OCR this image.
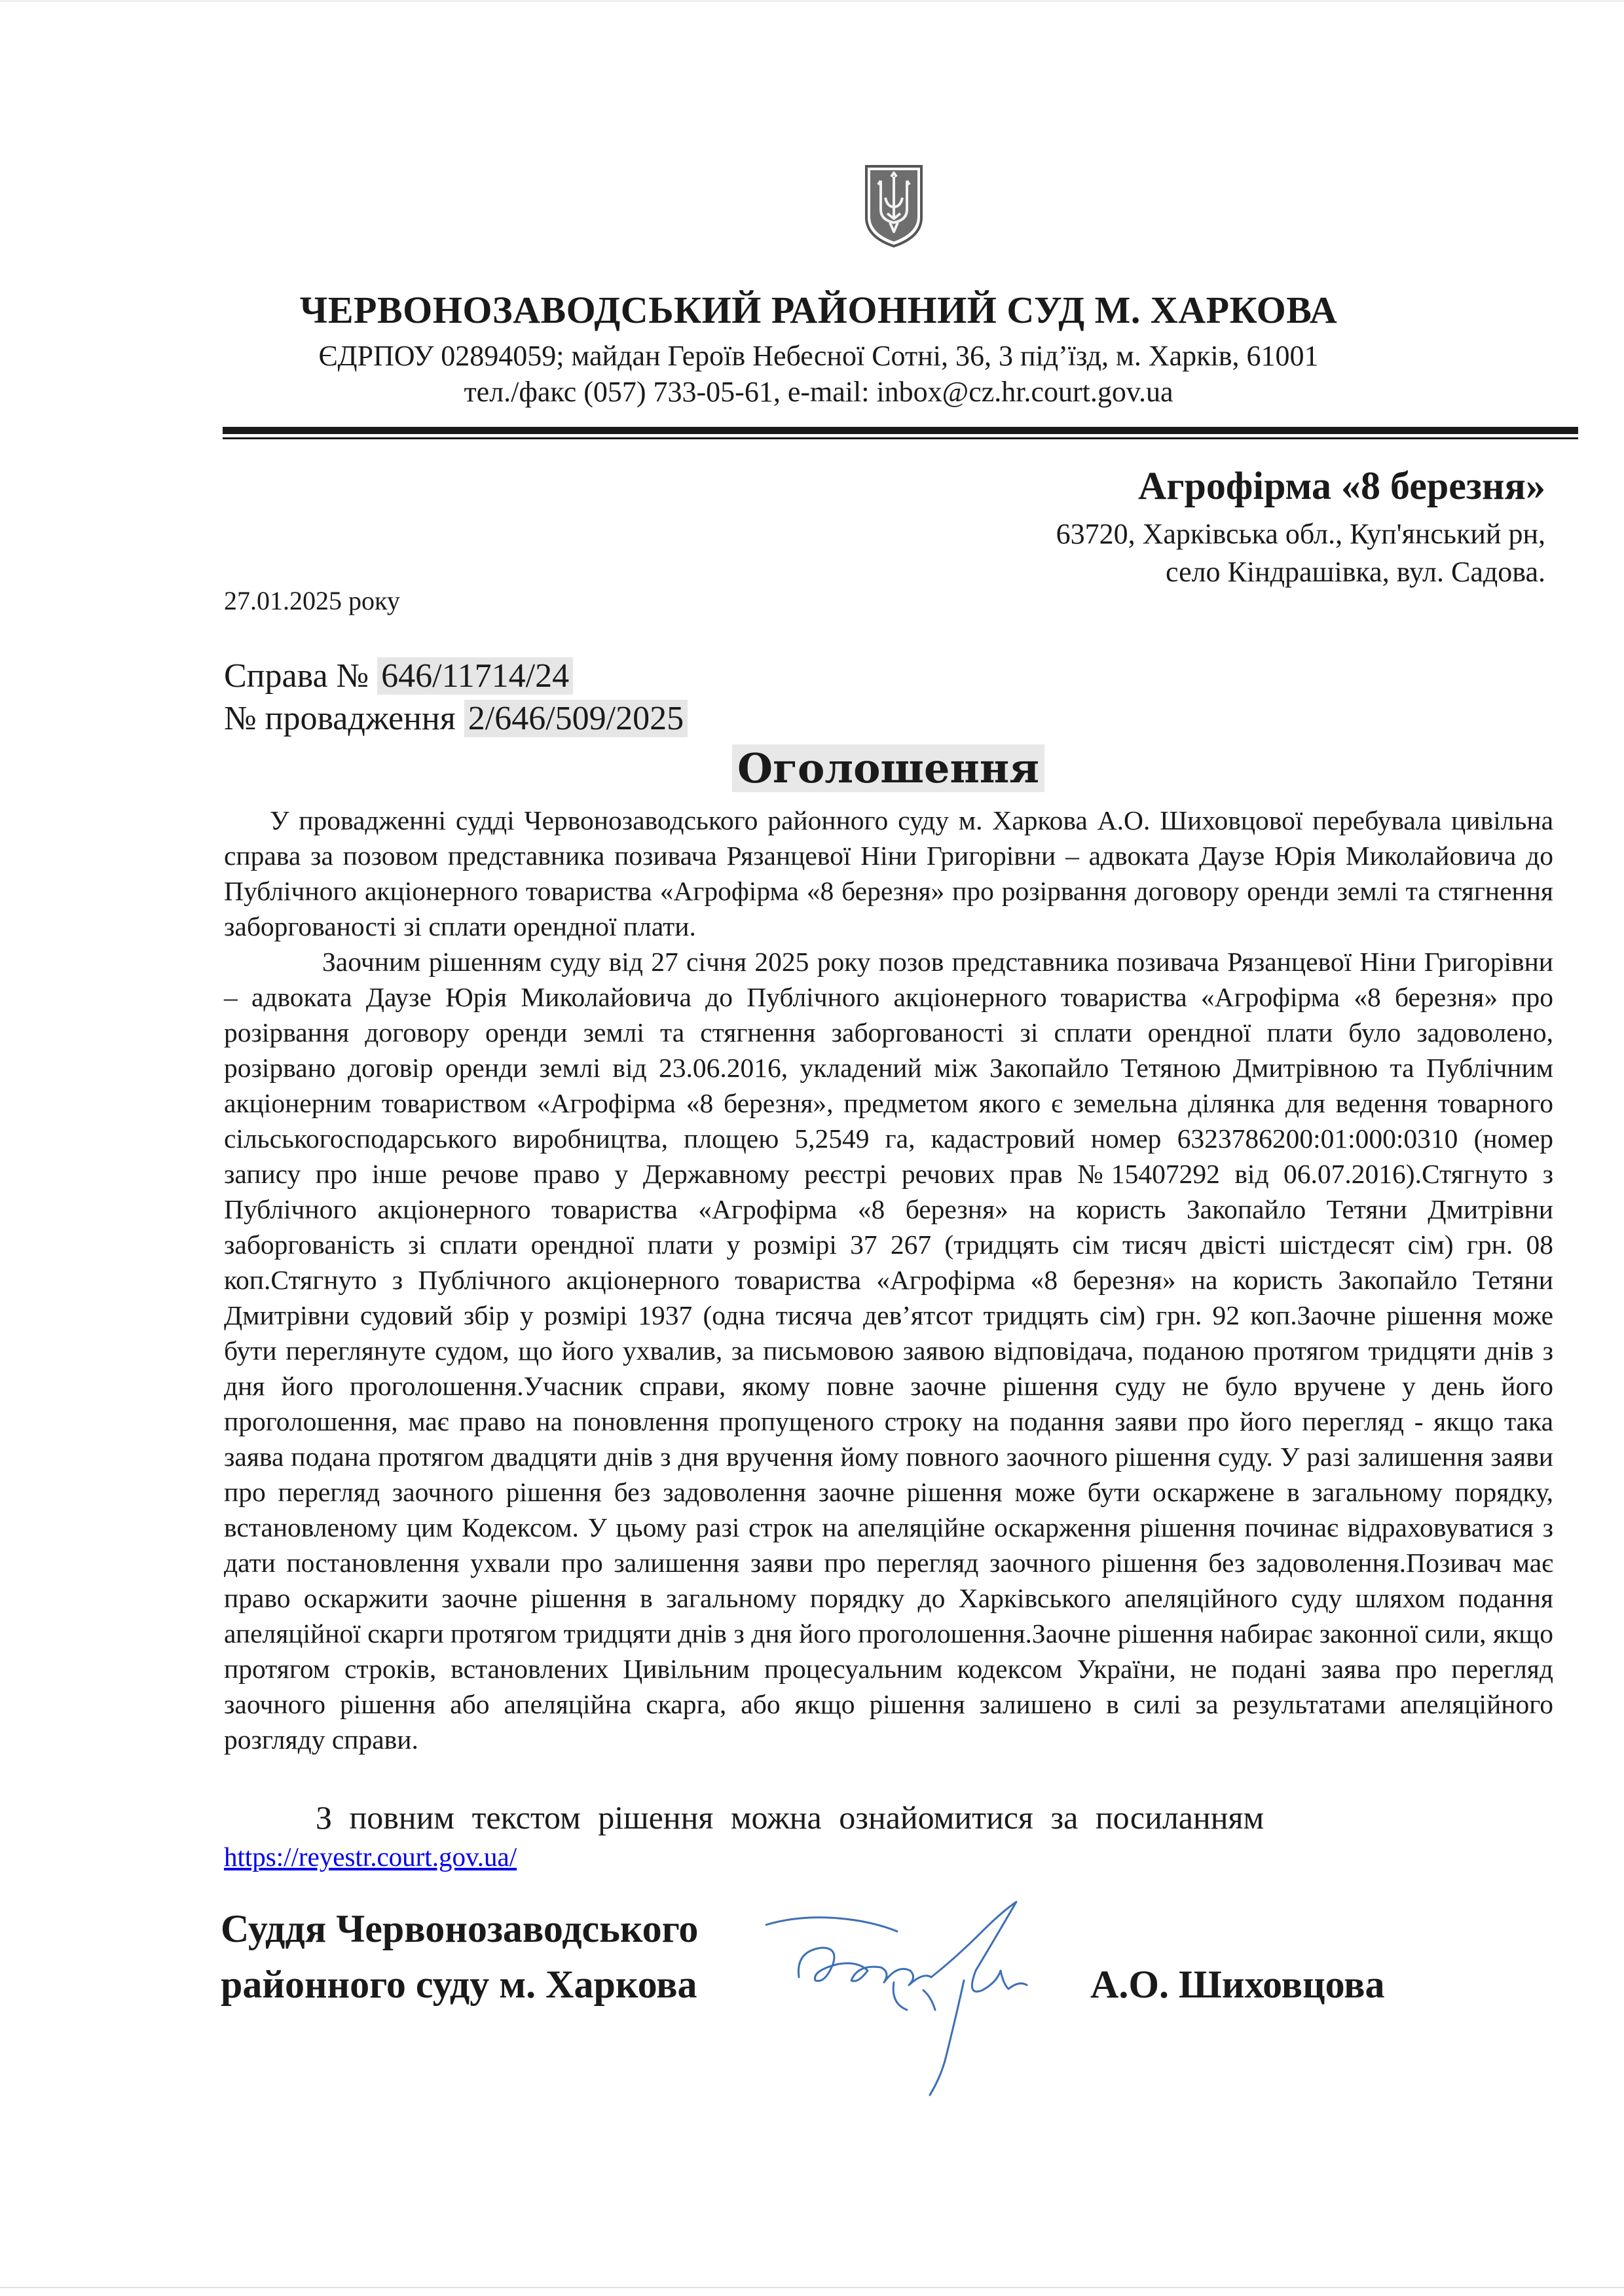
ЧЕРВОНОЗАВОДСЬКИЙ РАЙОННИЙ СУД М. ХАРКОВА
ЄДРПОУ 02894059; майдан Героїв Небесної Сотні, 36, 3 під’їзд, м. Харків, 61001
тел./факс (057) 733-05-61, e-mail: inbox@cz.hr.court.gov.ua
Агрофірма «8 березня»
63720, Харківська обл., Куп'янський рн,
село Кіндрашівка, вул. Садова.
27.01.2025 року
Справа № 646/11714/24
№ провадження 2/646/509/2025
Оголошення

У провадженні судді Червонозаводського районного суду м. Харкова А.О. Шиховцової перебувала цивільна справа за позовом представника позивача Рязанцевої Ніни Григорівни – адвоката Даузе Юрія Миколайовича до Публічного акціонерного товариства «Агрофірма «8 березня» про розірвання договору оренди землі та стягнення заборгованості зі сплати орендної плати.

Заочним рішенням суду від 27 січня 2025 року позов представника позивача Рязанцевої Ніни Григорівни – адвоката Даузе Юрія Миколайовича до Публічного акціонерного товариства «Агрофірма «8 березня» про розірвання договору оренди землі та стягнення заборгованості зі сплати орендної плати було задоволено, розірвано договір оренди землі від 23.06.2016, укладений між Закопайло Тетяною Дмитрівною та Публічним акціонерним товариством «Агрофірма «8 березня», предметом якого є земельна ділянка для ведення товарного сільськогосподарського виробництва, площею 5,2549 га, кадастровий номер 6323786200:01:000:0310 (номер запису про інше речове право у Державному реєстрі речових прав №15407292 від 06.07.2016).Стягнуто з Публічного акціонерного товариства «Агрофірма «8 березня» на користь Закопайло Тетяни Дмитрівни заборгованість зі сплати орендної плати у розмірі 37 267 (тридцять сім тисяч двісті шістдесят сім) грн. 08 коп.Стягнуто з Публічного акціонерного товариства «Агрофірма «8 березня» на користь Закопайло Тетяни Дмитрівни судовий збір у розмірі 1937 (одна тисяча дев’ятсот тридцять сім) грн. 92 коп.Заочне рішення може бути переглянуте судом, що його ухвалив, за письмовою заявою відповідача, поданою протягом тридцяти днів з дня його проголошення.Учасник справи, якому повне заочне рішення суду не було вручене у день його проголошення, має право на поновлення пропущеного строку на подання заяви про його перегляд - якщо така заява подана протягом двадцяти днів з дня вручення йому повного заочного рішення суду. У разі залишення заяви про перегляд заочного рішення без задоволення заочне рішення може бути оскаржене в загальному порядку, встановленому цим Кодексом. У цьому разі строк на апеляційне оскарження рішення починає відраховуватися з дати постановлення ухвали про залишення заяви про перегляд заочного рішення без задоволення.Позивач має право оскаржити заочне рішення в загальному порядку до Харківського апеляційного суду шляхом подання апеляційної скарги протягом тридцяти днів з дня його проголошення.Заочне рішення набирає законної сили, якщо протягом строків, встановлених Цивільним процесуальним кодексом України, не подані заява про перегляд заочного рішення або апеляційна скарга, або якщо рішення залишено в силі за результатами апеляційного розгляду справи.

З повним текстом рішення можна ознайомитися за посиланням
https://reyestr.court.gov.ua/
Суддя Червонозаводського
районного суду м. Харкова	А.О. Шиховцова
